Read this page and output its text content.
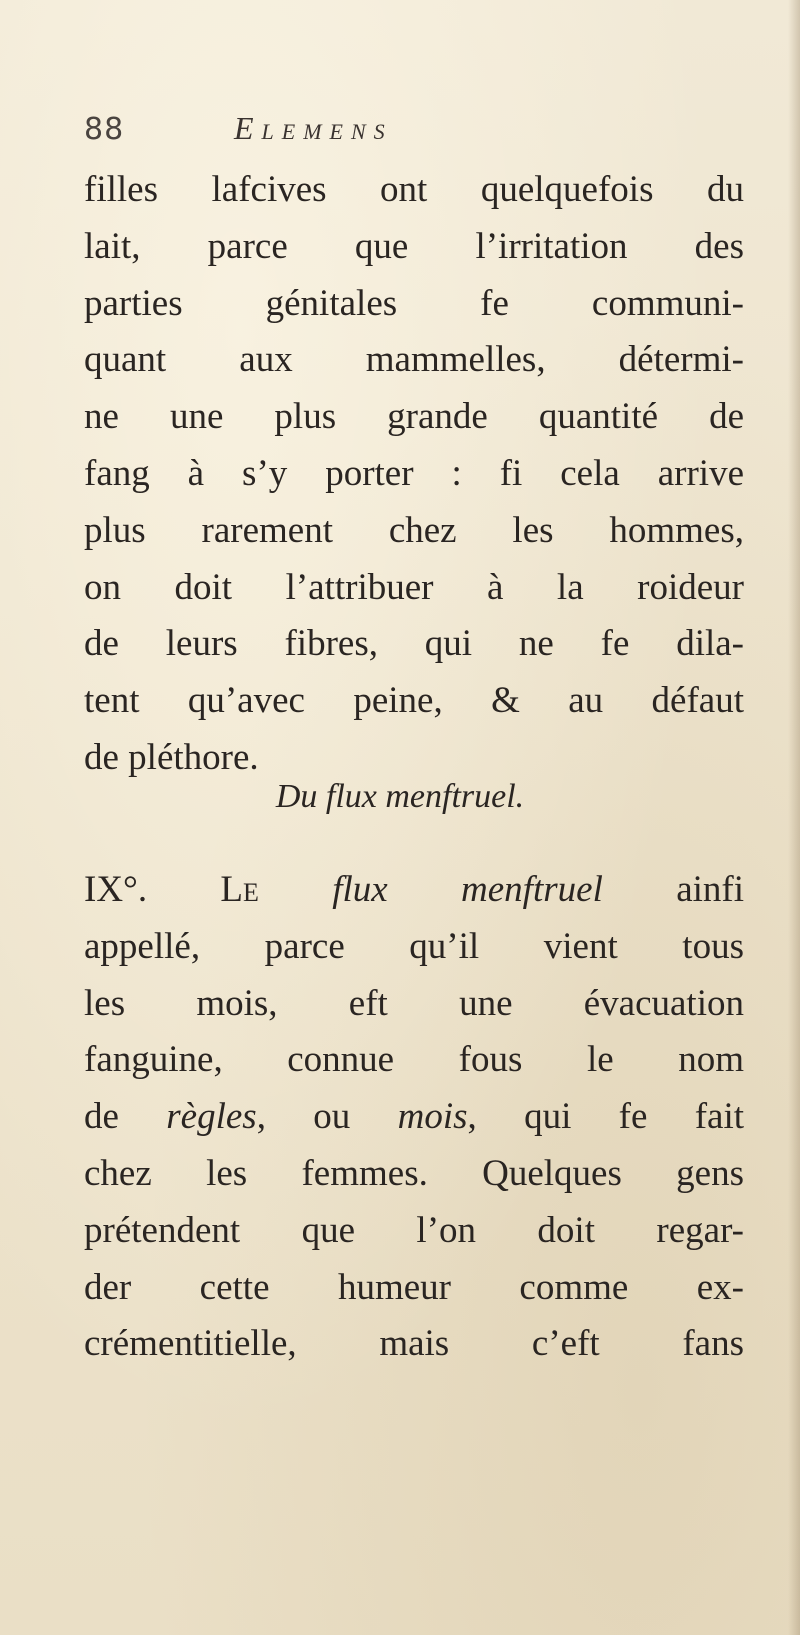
88	Elemens
filles lafcives ont quelquefois du
lait, parce que l’irritation des
parties génitales fe communi-
quant aux mammelles, détermi-
ne une plus grande quantité de
fang à s’y porter : fi cela arrive
plus rarement chez les hommes,
on doit l’attribuer à la roideur
de leurs fibres, qui ne fe dila-
tent qu’avec peine, & au défaut
de pléthore.
Du flux menftruel.
IX°. Le flux menftruel ainfi
appellé, parce qu’il vient tous
les mois, eft une évacuation
fanguine, connue fous le nom
de règles, ou mois, qui fe fait
chez les femmes. Quelques gens
prétendent que l’on doit regar-
der cette humeur comme ex-
crémentitielle, mais c’eft fans
